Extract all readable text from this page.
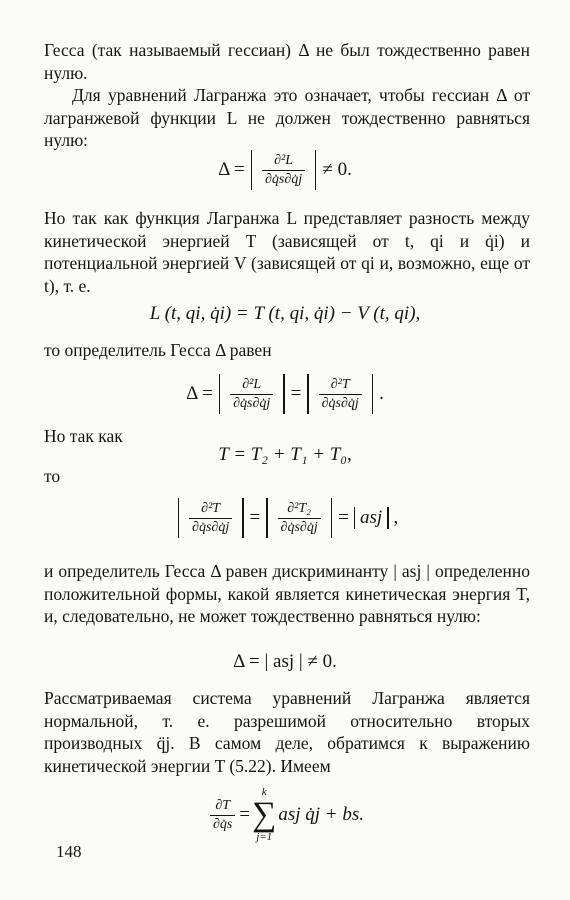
Гесса (так называемый гессиан) Δ не был тождественно равен нулю.
Для уравнений Лагранжа это означает, чтобы гессиан Δ от лагранжевой функции L не должен тождественно равняться нулю:
$\Delta = \frac{\text{∂²L}}{\partial q̇s\partial q̇j} \ne 0$.
Но так как функция Лагранжа L представляет разность между кинетической энергией T (зависящей от t, qi и q̇i) и потенциальной энергией V (зависящей от qi и, возможно, еще от t), т. е.
L (t, qi, q̇i) = T (t, qi, q̇i) − V (t, qi),
то определитель Гесса Δ равен
$\Delta = \frac{\text{∂²L}}{\partial q̇s\partial q̇j} = \frac{\text{∂²T}}{\partial q̇s\partial q̇j}$ .
Но так как
T = T₂ + T₁ + T₀,
то
$\frac{\text{∂²T}}{\partial q̇s\partial q̇j} = \frac{\text{∂²T₂}}{\partial q̇s\partial q̇j}$ = asj ,
и определитель Гесса Δ равен дискриминанту | asj | определенно положительной формы, какой является кинетическая энергия T, и, следовательно, не может тождественно равняться нулю:
Δ = | asj | ≠ 0.
Рассматриваемая система уравнений Лагранжа является нормальной, т. е. разрешимой относительно вторых производных q̈j. В самом деле, обратимся к выражению кинетической энергии T (5.22). Имеем
$\frac{\partial T}{\partial q̇s}$ =
k
∑
j=1
asj q̇j + bs.
148
